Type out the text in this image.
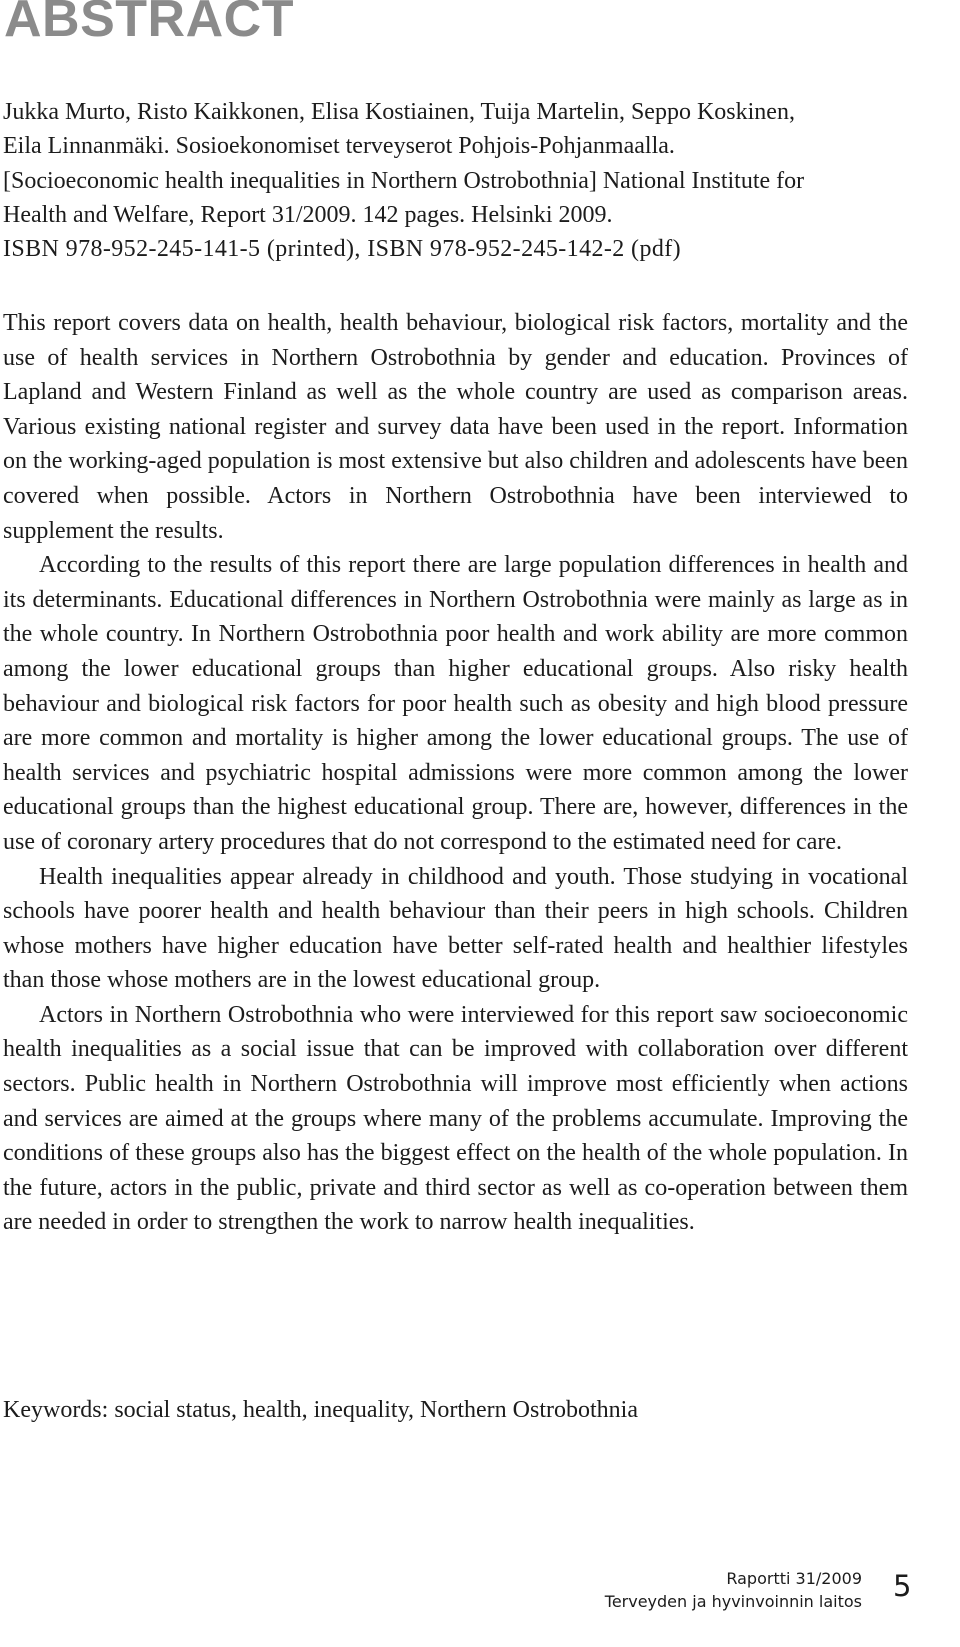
ABSTRACT
Jukka Murto, Risto Kaikkonen, Elisa Kostiainen, Tuija Martelin, Seppo Koskinen,
Eila Linnanmäki. Sosioekonomiset terveyserot Pohjois-Pohjanmaalla.
[Socioeconomic health inequalities in Northern Ostrobothnia] National Institute for
Health and Welfare, Report 31/2009. 142 pages. Helsinki 2009.
ISBN 978-952-245-141-5 (printed), ISBN 978-952-245-142-2 (pdf)

This report covers data on health, health behaviour, biological risk factors, mortality and the use of health services in Northern Ostrobothnia by gender and education. Provinces of Lapland and Western Finland as well as the whole country are used as comparison areas. Various existing national register and survey data have been used in the report. Information on the working-aged population is most extensive but also children and adolescents have been covered when possible. Actors in Northern Ostrobothnia have been interviewed to supplement the results.

According to the results of this report there are large population differences in health and its determinants. Educational differences in Northern Ostrobothnia were mainly as large as in the whole country. In Northern Ostrobothnia poor health and work ability are more common among the lower educational groups than higher educational groups. Also risky health behaviour and biological risk factors for poor health such as obesity and high blood pressure are more common and mortality is higher among the lower educational groups. The use of health services and psychiatric hospital admissions were more common among the lower educational groups than the highest educational group. There are, however, differences in the use of coronary artery procedures that do not correspond to the estimated need for care.

Health inequalities appear already in childhood and youth. Those studying in vocational schools have poorer health and health behaviour than their peers in high schools. Children whose mothers have higher education have better self-rated health and healthier lifestyles than those whose mothers are in the lowest educational group.

Actors in Northern Ostrobothnia who were interviewed for this report saw socioeconomic health inequalities as a social issue that can be improved with collaboration over different sectors. Public health in Northern Ostrobothnia will improve most efficiently when actions and services are aimed at the groups where many of the problems accumulate. Improving the conditions of these groups also has the biggest effect on the health of the whole population. In the future, actors in the public, private and third sector as well as co-operation between them are needed in order to strengthen the work to narrow health inequalities.

Keywords: social status, health, inequality, Northern Ostrobothnia

Raportti 31/2009
Terveyden ja hyvinvoinnin laitos 5
